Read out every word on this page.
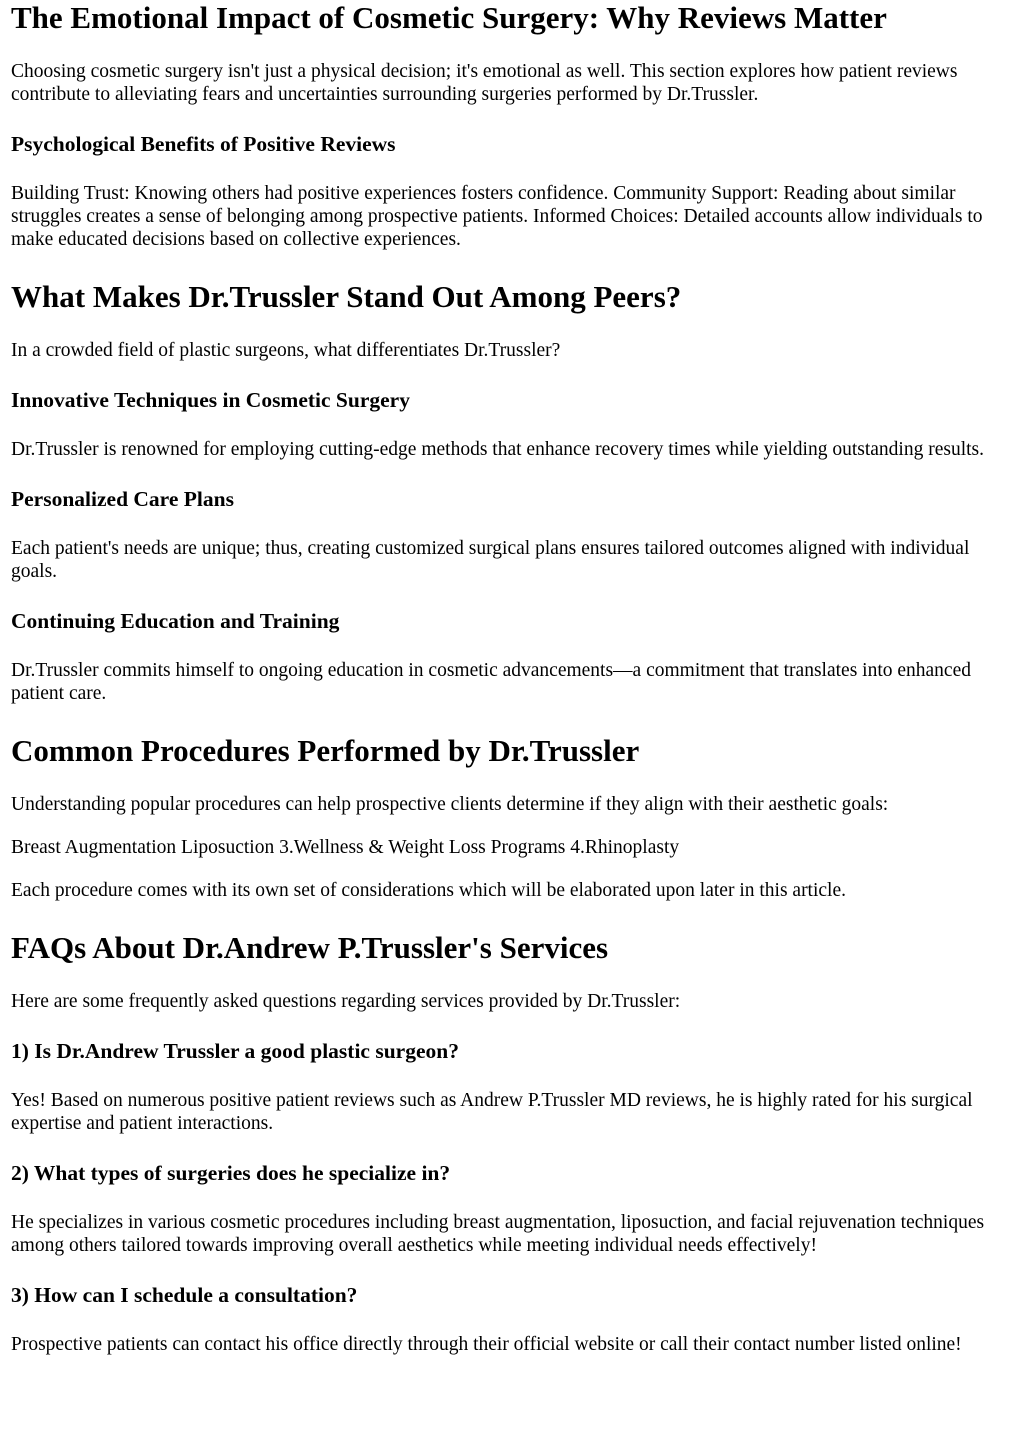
The Emotional Impact of Cosmetic Surgery: Why Reviews Matter

Choosing cosmetic surgery isn't just a physical decision; it's emotional as well. This section explores how patient reviews contribute to alleviating fears and uncertainties surrounding surgeries performed by Dr.Trussler.

Psychological Benefits of Positive Reviews

Building Trust: Knowing others had positive experiences fosters confidence. Community Support: Reading about similar struggles creates a sense of belonging among prospective patients. Informed Choices: Detailed accounts allow individuals to make educated decisions based on collective experiences.

What Makes Dr.Trussler Stand Out Among Peers?

In a crowded field of plastic surgeons, what differentiates Dr.Trussler?

Innovative Techniques in Cosmetic Surgery

Dr.Trussler is renowned for employing cutting-edge methods that enhance recovery times while yielding outstanding results.

Personalized Care Plans

Each patient's needs are unique; thus, creating customized surgical plans ensures tailored outcomes aligned with individual goals.

Continuing Education and Training

Dr.Trussler commits himself to ongoing education in cosmetic advancements—a commitment that translates into enhanced patient care.

Common Procedures Performed by Dr.Trussler

Understanding popular procedures can help prospective clients determine if they align with their aesthetic goals:

Breast Augmentation Liposuction 3.Wellness & Weight Loss Programs 4.Rhinoplasty

Each procedure comes with its own set of considerations which will be elaborated upon later in this article.

FAQs About Dr.Andrew P.Trussler's Services

Here are some frequently asked questions regarding services provided by Dr.Trussler:

1) Is Dr.Andrew Trussler a good plastic surgeon?

Yes! Based on numerous positive patient reviews such as Andrew P.Trussler MD reviews, he is highly rated for his surgical expertise and patient interactions.

2) What types of surgeries does he specialize in?

He specializes in various cosmetic procedures including breast augmentation, liposuction, and facial rejuvenation techniques among others tailored towards improving overall aesthetics while meeting individual needs effectively!

3) How can I schedule a consultation?

Prospective patients can contact his office directly through their official website or call their contact number listed online!
